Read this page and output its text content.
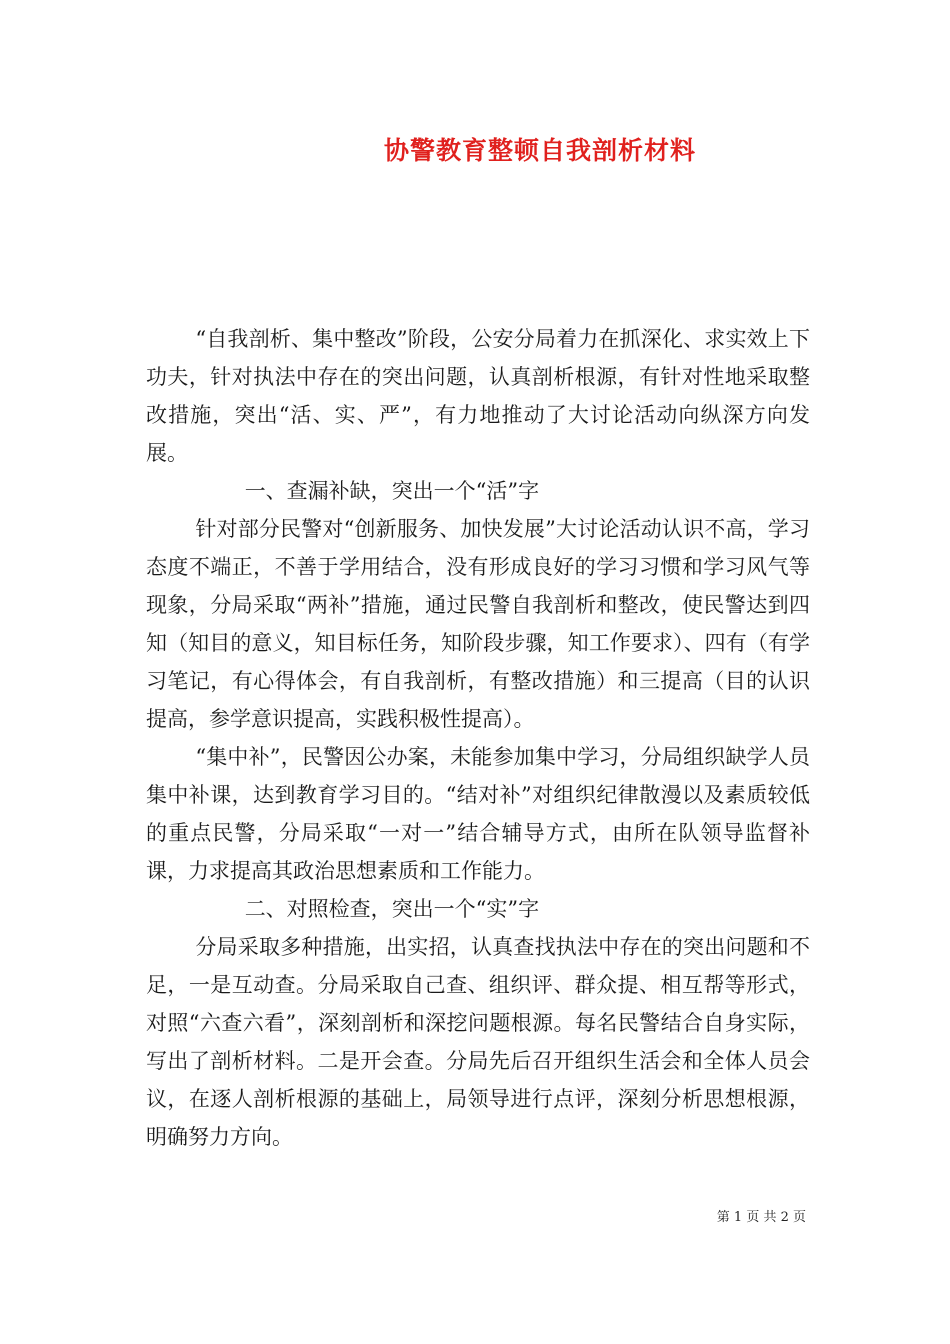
协警教育整顿自我剖析材料

“自我剖析、集中整改”阶段，公安分局着力在抓深化、求实效上下功夫，针对执法中存在的突出问题，认真剖析根源，有针对性地采取整改措施，突出“活、实、严”，有力地推动了大讨论活动向纵深方向发展。

一、查漏补缺，突出一个“活”字

针对部分民警对“创新服务、加快发展”大讨论活动认识不高，学习态度不端正，不善于学用结合，没有形成良好的学习习惯和学习风气等现象，分局采取“两补”措施，通过民警自我剖析和整改，使民警达到四知（知目的意义，知目标任务，知阶段步骤，知工作要求）、四有（有学习笔记，有心得体会，有自我剖析，有整改措施）和三提高（目的认识提高，参学意识提高，实践积极性提高）。

“集中补”，民警因公办案，未能参加集中学习，分局组织缺学人员集中补课，达到教育学习目的。“结对补”对组织纪律散漫以及素质较低的重点民警，分局采取“一对一”结合辅导方式，由所在队领导监督补课，力求提高其政治思想素质和工作能力。

二、对照检查，突出一个“实”字

分局采取多种措施，出实招，认真查找执法中存在的突出问题和不足，一是互动查。分局采取自己查、组织评、群众提、相互帮等形式，对照“六查六看”，深刻剖析和深挖问题根源。每名民警结合自身实际，写出了剖析材料。二是开会查。分局先后召开组织生活会和全体人员会议，在逐人剖析根源的基础上，局领导进行点评，深刻分析思想根源，明确努力方向。

第 1 页 共 2 页
